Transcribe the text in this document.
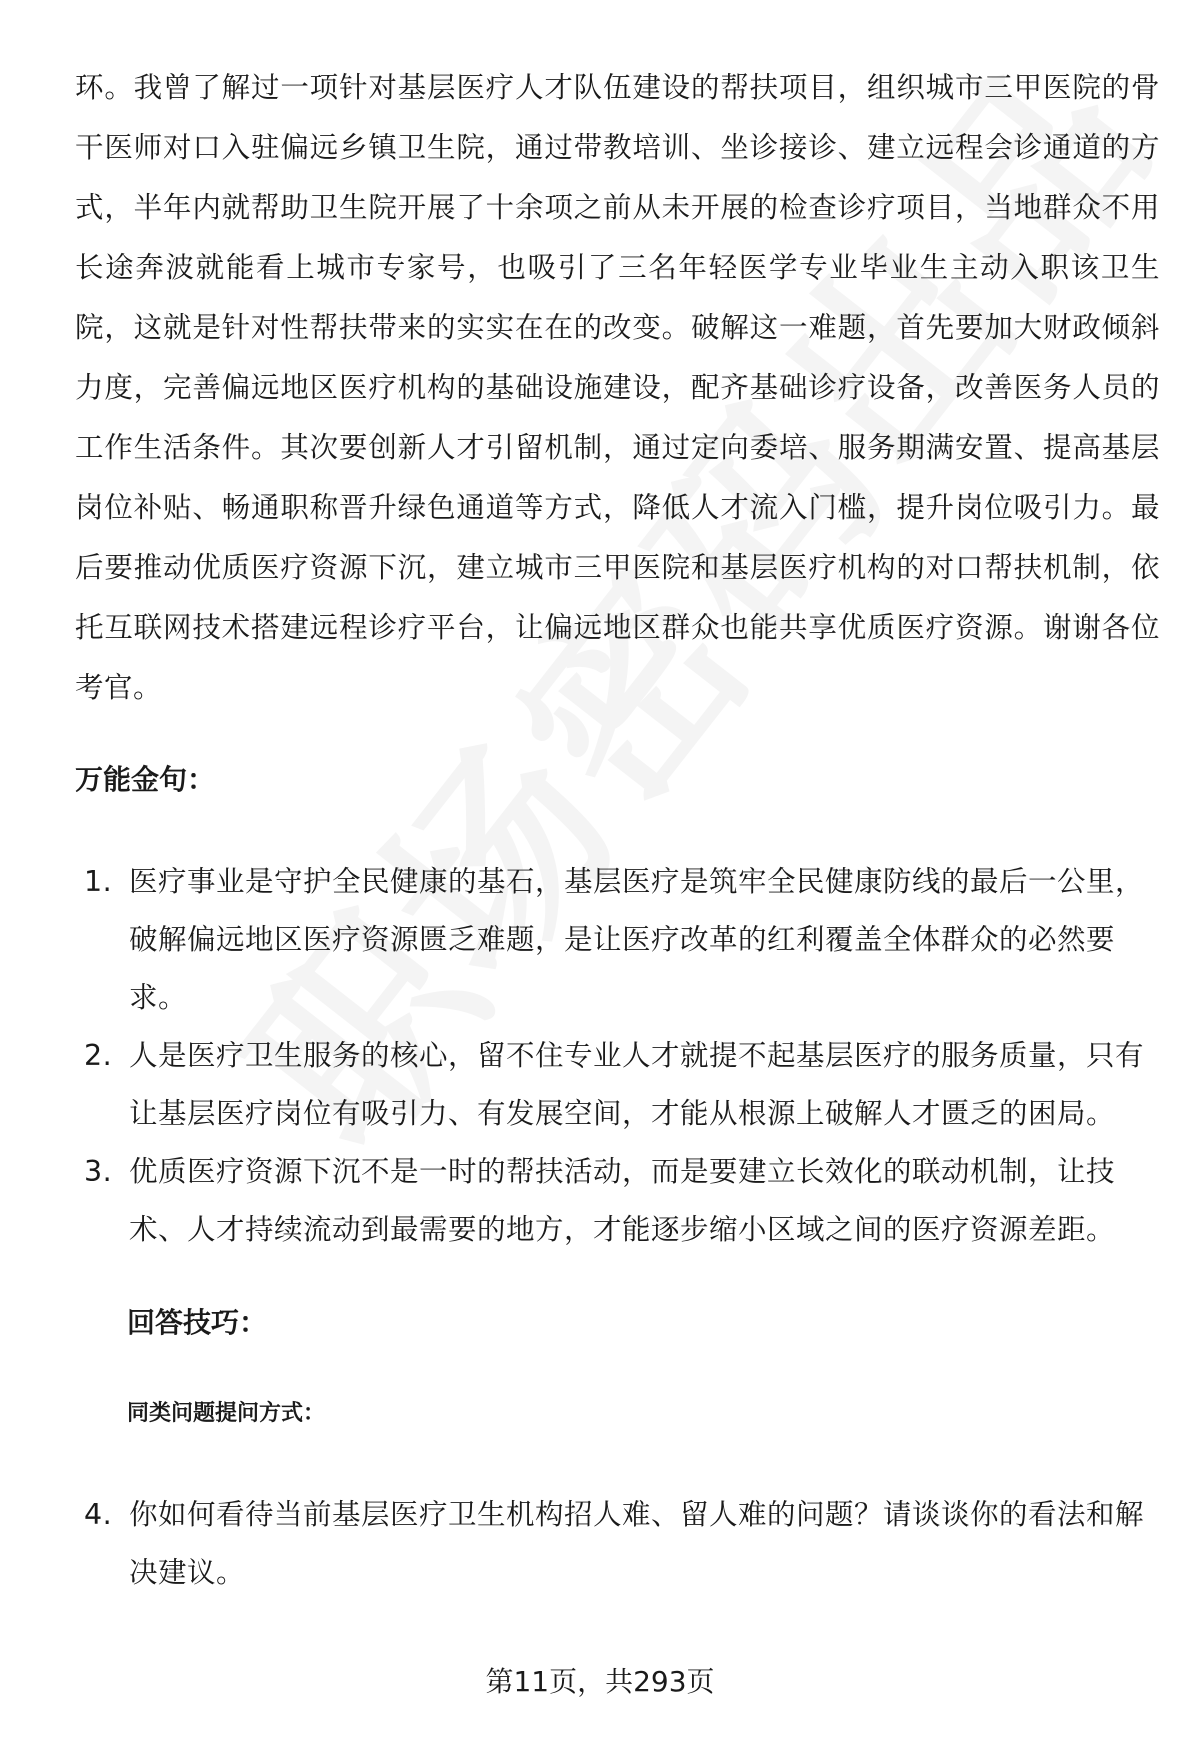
环。我曾了解过一项针对基层医疗人才队伍建设的帮扶项目，组织城市三甲医院的骨干医师对口入驻偏远乡镇卫生院，通过带教培训、坐诊接诊、建立远程会诊通道的方式，半年内就帮助卫生院开展了十余项之前从未开展的检查诊疗项目，当地群众不用长途奔波就能看上城市专家号，也吸引了三名年轻医学专业毕业生主动入职该卫生院，这就是针对性帮扶带来的实实在在的改变。破解这一难题，首先要加大财政倾斜力度，完善偏远地区医疗机构的基础设施建设，配齐基础诊疗设备，改善医务人员的工作生活条件。其次要创新人才引留机制，通过定向委培、服务期满安置、提高基层岗位补贴、畅通职称晋升绿色通道等方式，降低人才流入门槛，提升岗位吸引力。最后要推动优质医疗资源下沉，建立城市三甲医院和基层医疗机构的对口帮扶机制，依托互联网技术搭建远程诊疗平台，让偏远地区群众也能共享优质医疗资源。谢谢各位考官。

万能金句：
1. 医疗事业是守护全民健康的基石，基层医疗是筑牢全民健康防线的最后一公里，破解偏远地区医疗资源匮乏难题，是让医疗改革的红利覆盖全体群众的必然要求。
2. 人是医疗卫生服务的核心，留不住专业人才就提不起基层医疗的服务质量，只有让基层医疗岗位有吸引力、有发展空间，才能从根源上破解人才匮乏的困局。
3. 优质医疗资源下沉不是一时的帮扶活动，而是要建立长效化的联动机制，让技术、人才持续流动到最需要的地方，才能逐步缩小区域之间的医疗资源差距。
回答技巧：
同类问题提问方式：
4. 你如何看待当前基层医疗卫生机构招人难、留人难的问题？请谈谈你的看法和解决建议。
第11页，共293页
